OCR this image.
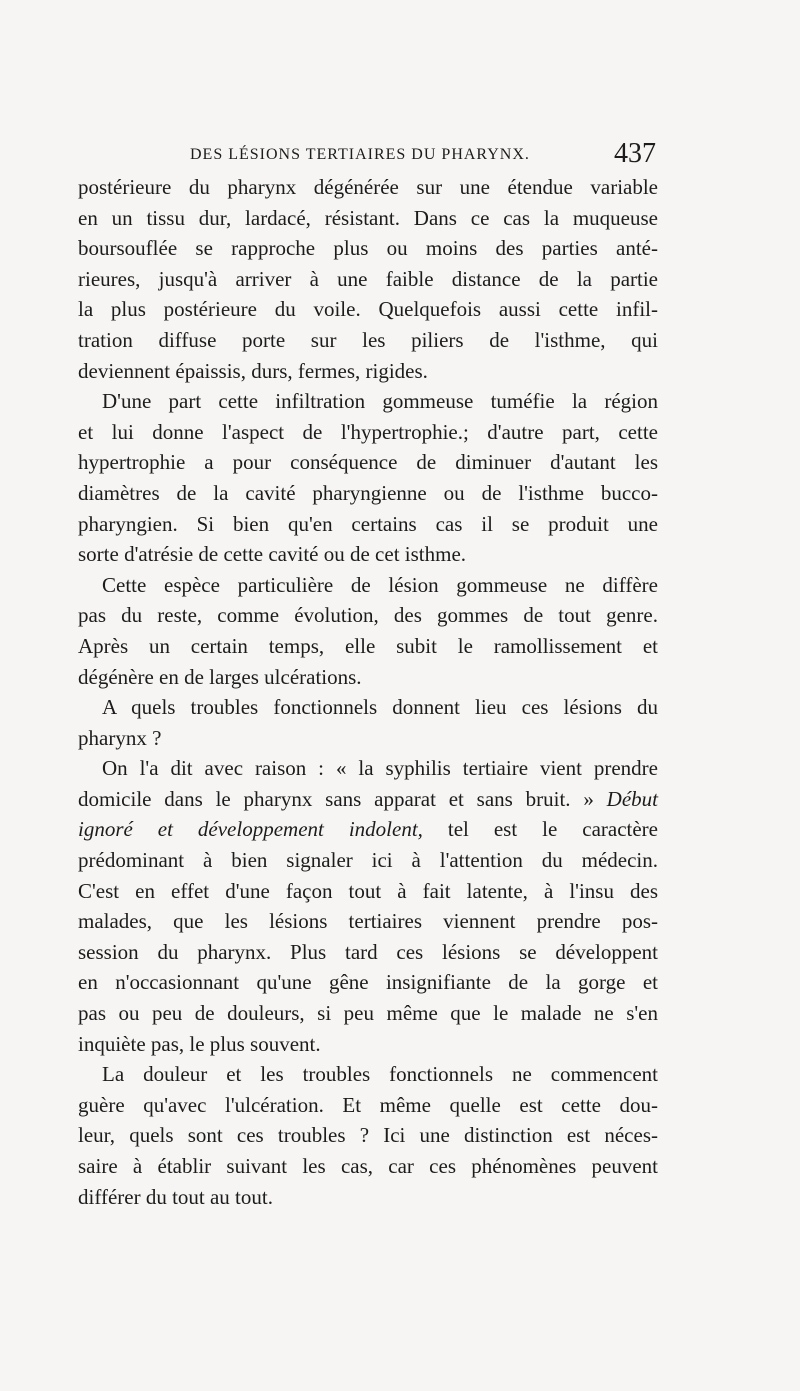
DES LÉSIONS TERTIAIRES DU PHARYNX.	437
postérieure du pharynx dégénérée sur une étendue variable
en un tissu dur, lardacé, résistant. Dans ce cas la muqueuse
boursouflée se rapproche plus ou moins des parties anté-
rieures, jusqu'à arriver à une faible distance de la partie
la plus postérieure du voile. Quelquefois aussi cette infil-
tration diffuse porte sur les piliers de l'isthme, qui
deviennent épaissis, durs, fermes, rigides.
D'une part cette infiltration gommeuse tuméfie la région
et lui donne l'aspect de l'hypertrophie.; d'autre part, cette
hypertrophie a pour conséquence de diminuer d'autant les
diamètres de la cavité pharyngienne ou de l'isthme bucco-
pharyngien. Si bien qu'en certains cas il se produit une
sorte d'atrésie de cette cavité ou de cet isthme.
Cette espèce particulière de lésion gommeuse ne diffère
pas du reste, comme évolution, des gommes de tout genre.
Après un certain temps, elle subit le ramollissement et
dégénère en de larges ulcérations.
A quels troubles fonctionnels donnent lieu ces lésions du
pharynx ?
On l'a dit avec raison : « la syphilis tertiaire vient prendre
domicile dans le pharynx sans apparat et sans bruit. » Début
ignoré et développement indolent, tel est le caractère
prédominant à bien signaler ici à l'attention du médecin.
C'est en effet d'une façon tout à fait latente, à l'insu des
malades, que les lésions tertiaires viennent prendre pos-
session du pharynx. Plus tard ces lésions se développent
en n'occasionnant qu'une gêne insignifiante de la gorge et
pas ou peu de douleurs, si peu même que le malade ne s'en
inquiète pas, le plus souvent.
La douleur et les troubles fonctionnels ne commencent
guère qu'avec l'ulcération. Et même quelle est cette dou-
leur, quels sont ces troubles ? Ici une distinction est néces-
saire à établir suivant les cas, car ces phénomènes peuvent
différer du tout au tout.
